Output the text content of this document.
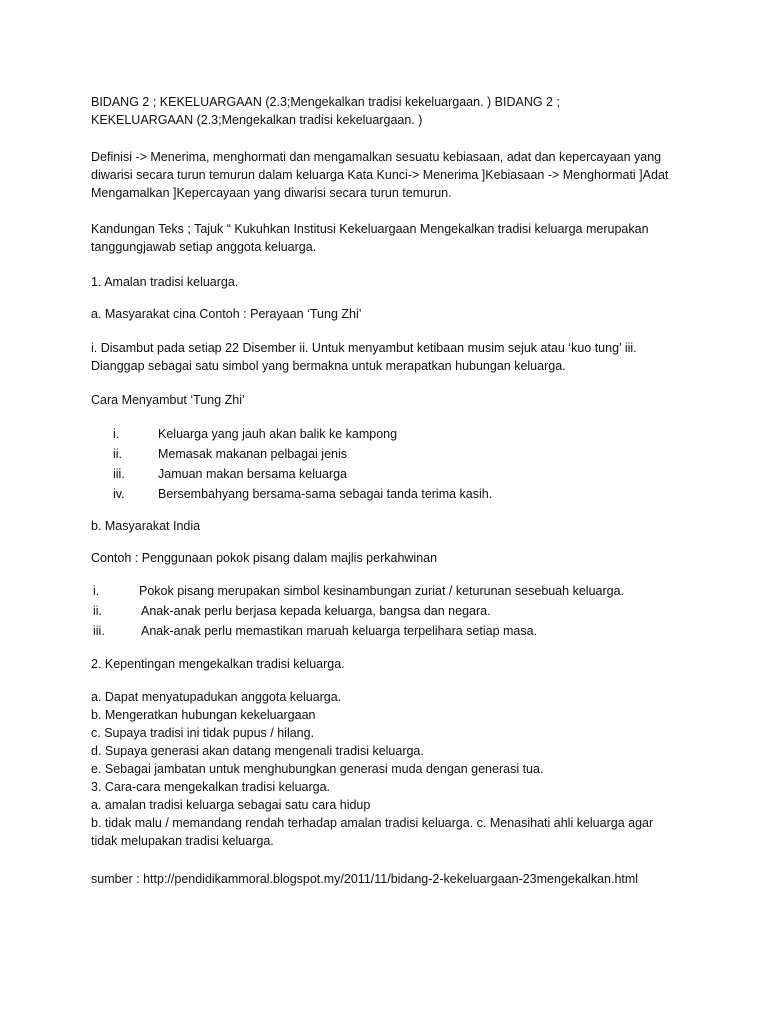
BIDANG 2 ; KEKELUARGAAN (2.3;Mengekalkan tradisi kekeluargaan. ) BIDANG 2 ;

KEKELUARGAAN (2.3;Mengekalkan tradisi kekeluargaan. )

Definisi -> Menerima, menghormati dan mengamalkan sesuatu kebiasaan, adat dan kepercayaan yang

diwarisi secara turun temurun dalam keluarga Kata Kunci-> Menerima ]Kebiasaan -> Menghormati ]Adat

Mengamalkan ]Kepercayaan yang diwarisi secara turun temurun.

Kandungan Teks ; Tajuk “ Kukuhkan Institusi Kekeluargaan Mengekalkan tradisi keluarga merupakan

tanggungjawab setiap anggota keluarga.

1. Amalan tradisi keluarga.

a. Masyarakat cina Contoh : Perayaan ‘Tung Zhi’

i. Disambut pada setiap 22 Disember ii. Untuk menyambut ketibaan musim sejuk atau ‘kuo tung’ iii.

Dianggap sebagai satu simbol yang bermakna untuk merapatkan hubungan keluarga.

Cara Menyambut ‘Tung Zhi’

i.	Keluarga yang jauh akan balik ke kampong
ii.	Memasak makanan pelbagai jenis
iii.	Jamuan makan bersama keluarga
iv.	Bersembahyang bersama-sama sebagai tanda terima kasih.

b. Masyarakat India

Contoh : Penggunaan pokok pisang dalam majlis perkahwinan

i.	Pokok pisang merupakan simbol kesinambungan zuriat / keturunan sesebuah keluarga.
ii.	Anak-anak perlu berjasa kepada keluarga, bangsa dan negara.
iii.	Anak-anak perlu memastikan maruah keluarga terpelihara setiap masa.

2. Kepentingan mengekalkan tradisi keluarga.

a. Dapat menyatupadukan anggota keluarga.

b. Mengeratkan hubungan kekeluargaan

c. Supaya tradisi ini tidak pupus / hilang.

d. Supaya generasi akan datang mengenali tradisi keluarga.

e. Sebagai jambatan untuk menghubungkan generasi muda dengan generasi tua.

3. Cara-cara mengekalkan tradisi keluarga.

a. amalan tradisi keluarga sebagai satu cara hidup

b. tidak malu / memandang rendah terhadap amalan tradisi keluarga. c. Menasihati ahli keluarga agar

tidak melupakan tradisi keluarga.

sumber : http://pendidikammoral.blogspot.my/2011/11/bidang-2-kekeluargaan-23mengekalkan.html
